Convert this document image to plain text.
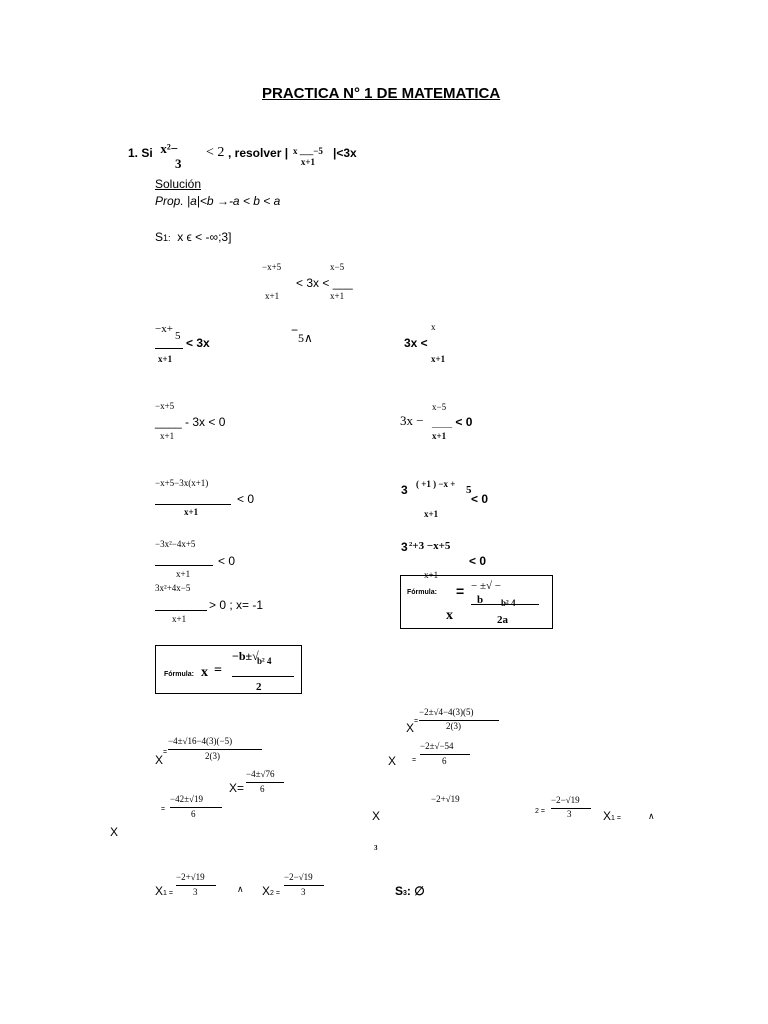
PRACTICA N° 1 DE MATEMATICA
1. Si x²−
3
< 2 , resolver | x ___−5
x+1
|<3x
Solución
Prop. |a|<b →-a < b < a
S1: x ϵ < -∞;3]
−x+5	x−5
< 3x < ___
x+1	x+1
−x+
5 < 3x
x+1
−
5∧
x
3x <
x+1
−x+5
____ - 3x < 0
x+1
x−5
3x − ___ < 0
x+1
−x+5−3x(x+1)
< 0
x+1
3 ( +1 ) −x + 5
< 0
x+1
−3x²−4x+5
< 0
x+1
3 ²+3 −x+5
< 0
x+1
3x²+4x−5
> 0 ; x= -1
x+1
Fórmula: = − ±√ −
b b² 4
x	2a
Fórmula: x =
−b±√
b² 4
2
−2±√4−4(3)(5)
2(3)
X =
−4±√16−4(3)(−5)
2(3)
X
=
X =
−2±√−54
6
X=
−4±√76
6
=
−42±√19
6	X
−2+√19
3
2 =
−2−√19
3	X1 =	∧
X
X1 =
−2+√19
3	∧ X2 =
−2−√19
3	S3: ∅
